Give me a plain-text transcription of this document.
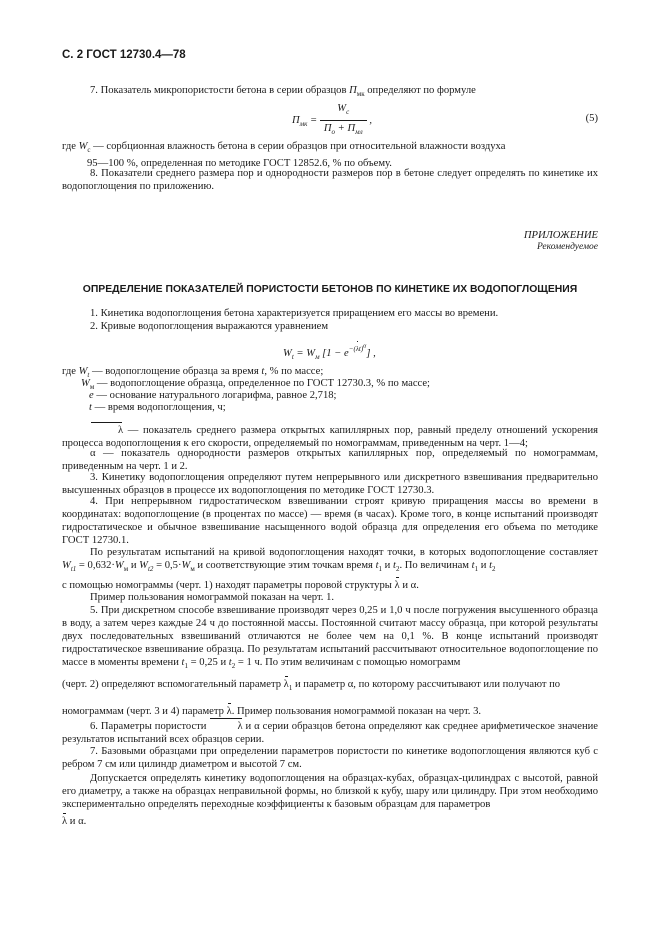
С. 2 ГОСТ 12730.4—78

7. Показатель микропористости бетона в серии образцов $П_{мк}$ определяют по формуле

$П_{мк} = \frac{W_с}{П_о + П_{мл}}$ ,	(5)

где $W_с$ — сорбционная влажность бетона в серии образцов при относительной влажности воздуха
95—100 %, определенная по методике ГОСТ 12852.6, % по объему.

8. Показатели среднего размера пор и однородности размеров пор в бетоне следует определять по кинетике их водопоглощения по приложению.

ПРИЛОЖЕНИЕ
Рекомендуемое
ОПРЕДЕЛЕНИЕ ПОКАЗАТЕЛЕЙ ПОРИСТОСТИ БЕТОНОВ ПО КИНЕТИКЕ ИХ ВОДОПОГЛОЩЕНИЯ

1. Кинетика водопоглощения бетона характеризуется приращением его массы во времени.

2. Кривые водопоглощения выражаются уравнением

$W_t = W_м$ $[1 - e^{-(\lambda t)^\alpha}]$ ,
где $W_t$ — водопоглощение образца за время t, % по массе;
$W_м$ — водопоглощение образца, определенное по ГОСТ 12730.3, % по массе;
e — основание натурального логарифма, равное 2,718;
t — время водопоглощения, ч;

λ — показатель среднего размера открытых капиллярных пор, равный пределу отношений ускорения процесса водопоглощения к его скорости, определяемый по номограммам, приведенным на черт. 1—4;

α — показатель однородности размеров открытых капиллярных пор, определяемый по номограммам, приведенным на черт. 1 и 2.

3. Кинетику водопоглощения определяют путем непрерывного или дискретного взвешивания предварительно высушенных образцов в процессе их водопоглощения по методике ГОСТ 12730.3.

4. При непрерывном гидростатическом взвешивании строят кривую приращения массы во времени в координатах: водопоглощение (в процентах по массе) — время (в часах). Кроме того, в конце испытаний производят гидростатическое и обычное взвешивание насыщенного водой образца для определения его объема по методике ГОСТ 12730.1.

По результатам испытаний на кривой водопоглощения находят точки, в которых водопоглощение составляет $W_{t1} = 0,632\cdot W_м$ и $W_{t2} = 0,5\cdot W_м$ и соответствующие этим точкам время $t_1$ и $t_2$. По величинам $t_1$ и $t_2$

с помощью номограммы (черт. 1) находят параметры поровой структуры λ и α.

Пример пользования номограммой показан на черт. 1.

5. При дискретном способе взвешивание производят через 0,25 и 1,0 ч после погружения высушенного образца в воду, а затем через каждые 24 ч до постоянной массы. Постоянной считают массу образца, при которой результаты двух последовательных взвешиваний отличаются не более чем на 0,1 %. В конце испытаний производят гидростатическое взвешивание образца. По результатам испытаний рассчитывают относительное водопоглощение по массе в моменты времени $t_1 = 0,25$ и $t_2 = 1$ ч. По этим величинам с помощью номограмм

(черт. 2) определяют вспомогательный параметр $\lambda_1$ и параметр α, по которому рассчитывают или получают по
номограммам (черт. 3 и 4) параметр λ. Пример пользования номограммой показан на черт. 3.

6. Параметры пористости	λ и α серии образцов бетона определяют как среднее арифметическое значение результатов испытаний всех образцов серии.

7. Базовыми образцами при определении параметров пористости по кинетике водопоглощения являются куб с ребром 7 см или цилиндр диаметром и высотой 7 см.

Допускается определять кинетику водопоглощения на образцах-кубах, образцах-цилиндрах с высотой, равной его диаметру, а также на образцах неправильной формы, но близкой к кубу, шару или цилиндру. При этом необходимо экспериментально определять переходные коэффициенты к базовым образцам для параметров

λ и α.
